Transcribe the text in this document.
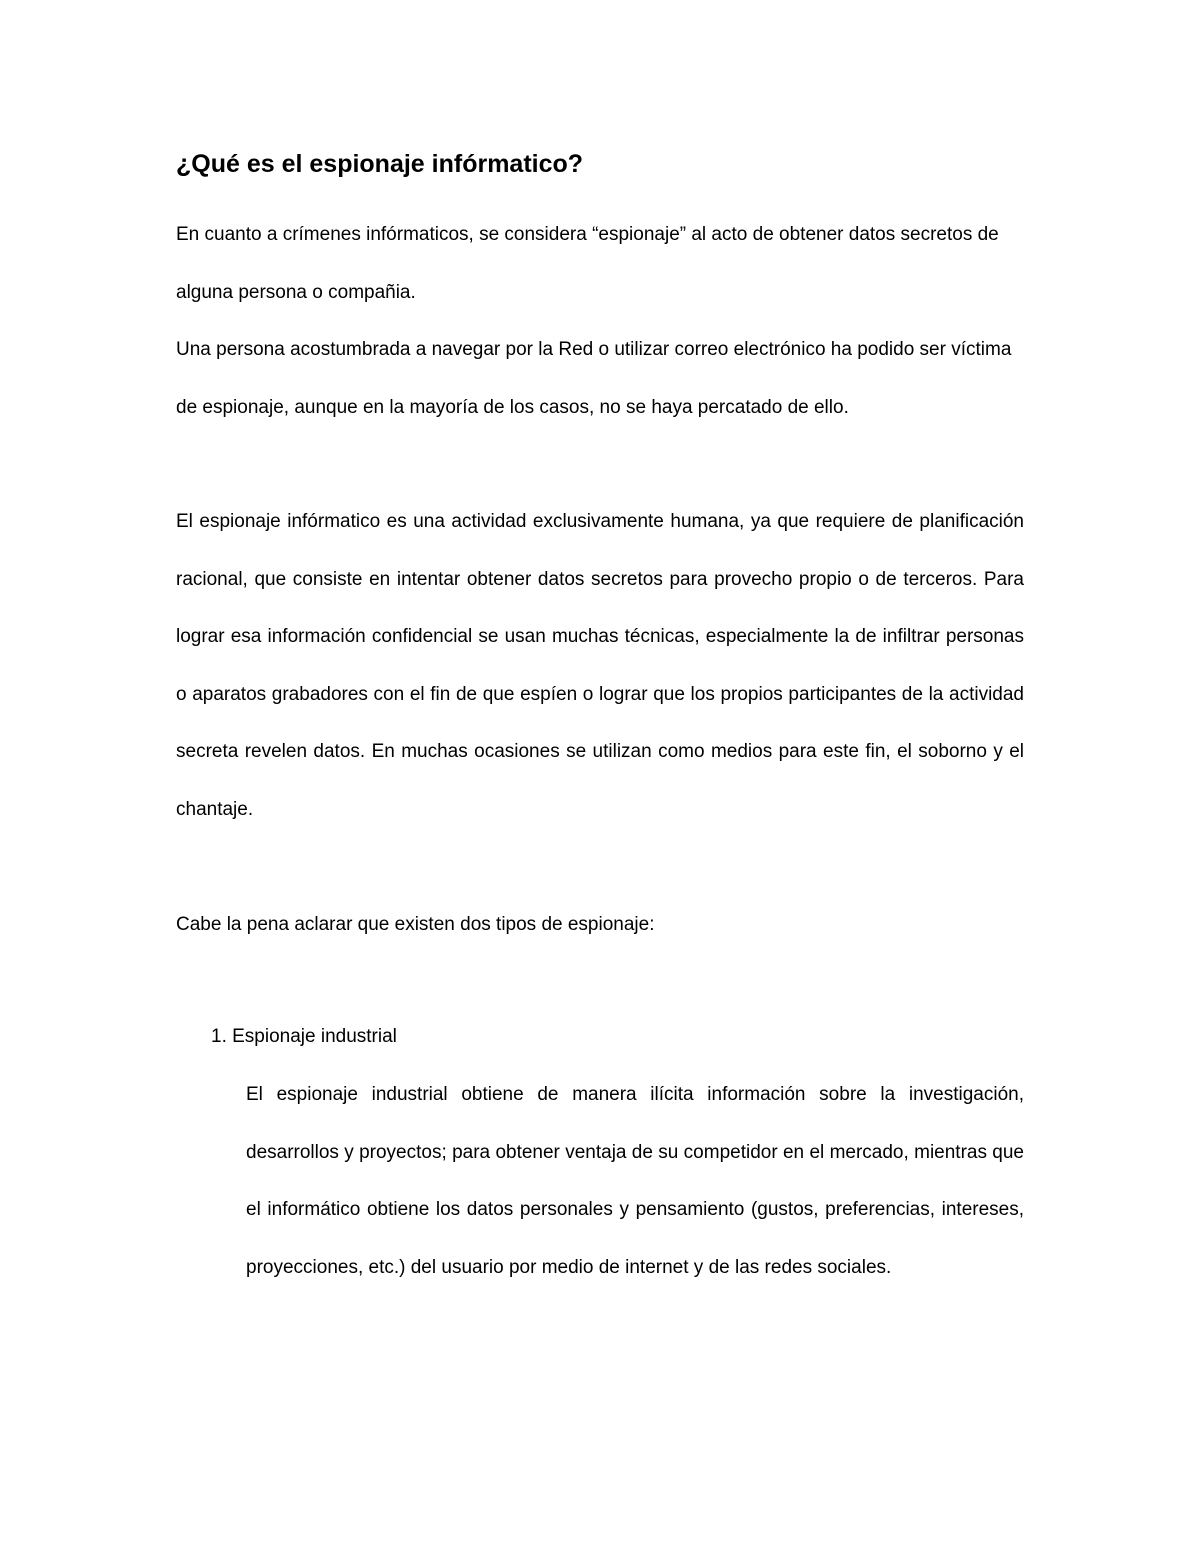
¿Qué es el espionaje infórmatico?

En cuanto a crímenes infórmaticos, se considera “espionaje” al acto de obtener datos secretos de alguna persona o compañia.

Una persona acostumbrada a navegar por la Red o utilizar correo electrónico ha podido ser víctima de espionaje, aunque en la mayoría de los casos, no se haya percatado de ello.

El espionaje infórmatico es una actividad exclusivamente humana, ya que requiere de planificación racional, que consiste en intentar obtener datos secretos para provecho propio o de terceros. Para lograr esa información confidencial se usan muchas técnicas, especialmente la de infiltrar personas o aparatos grabadores con el fin de que espíen o lograr que los propios participantes de la actividad secreta revelen datos. En muchas ocasiones se utilizan como medios para este fin, el soborno y el chantaje.

Cabe la pena aclarar que existen dos tipos de espionaje:

1. Espionaje industrial

El espionaje industrial obtiene de manera ilícita información sobre la investigación, desarrollos y proyectos; para obtener ventaja de su competidor en el mercado, mientras que el informático obtiene los datos personales y pensamiento (gustos, preferencias, intereses, proyecciones, etc.) del usuario por medio de internet y de las redes sociales.
